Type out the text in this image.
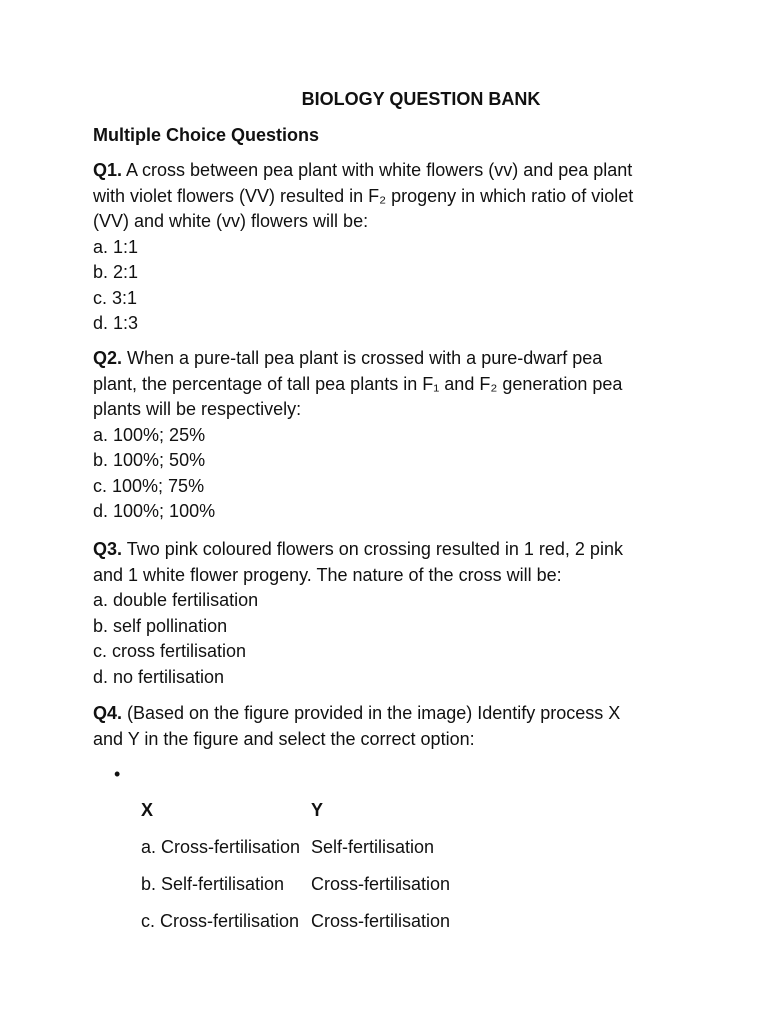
BIOLOGY QUESTION BANK
Multiple Choice Questions
Q1. A cross between pea plant with white flowers (vv) and pea plant
with violet flowers (VV) resulted in F₂ progeny in which ratio of violet
(VV) and white (vv) flowers will be:
a. 1:1
b. 2:1
c. 3:1
d. 1:3
Q2. When a pure-tall pea plant is crossed with a pure-dwarf pea
plant, the percentage of tall pea plants in F₁ and F₂ generation pea
plants will be respectively:
a. 100%; 25%
b. 100%; 50%
c. 100%; 75%
d. 100%; 100%
Q3. Two pink coloured flowers on crossing resulted in 1 red, 2 pink
and 1 white flower progeny. The nature of the cross will be:
a. double fertilisation
b. self pollination
c. cross fertilisation
d. no fertilisation
Q4. (Based on the figure provided in the image) Identify process X
and Y in the figure and select the correct option:
•
X	Y
a. Cross-fertilisation Self-fertilisation
b. Self-fertilisation	Cross-fertilisation
c. Cross-fertilisation Cross-fertilisation
